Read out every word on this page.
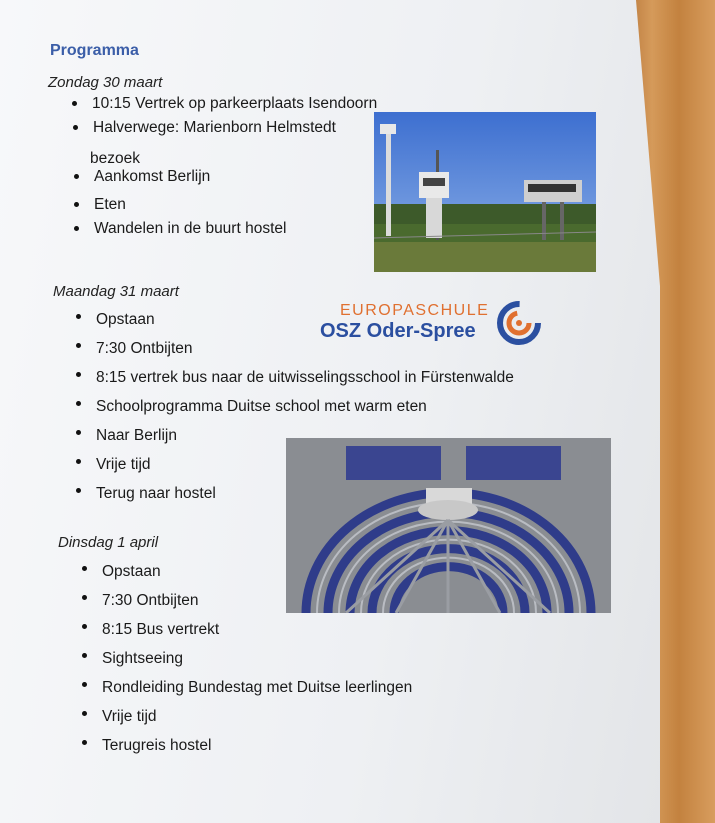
Programma
Zondag 30 maart
10:15 Vertrek op parkeerplaats Isendoorn
Halverwege: Marienborn Helmstedt
Aankomst Berlijn
Eten
Wandelen in de buurt hostel
bezoek
Maandag 31 maart
Opstaan
7:30 Ontbijten
8:15 vertrek bus naar de uitwisselingsschool in Fürstenwalde
Schoolprogramma Duitse school met warm eten
Naar Berlijn
Vrije tijd
Terug naar hostel
Dinsdag 1 april
Opstaan
7:30 Ontbijten
8:15 Bus vertrekt
Sightseeing
Rondleiding Bundestag met Duitse leerlingen
Vrije tijd
Terugreis hostel
EUROPASCHULE
OSZ Oder-Spree
